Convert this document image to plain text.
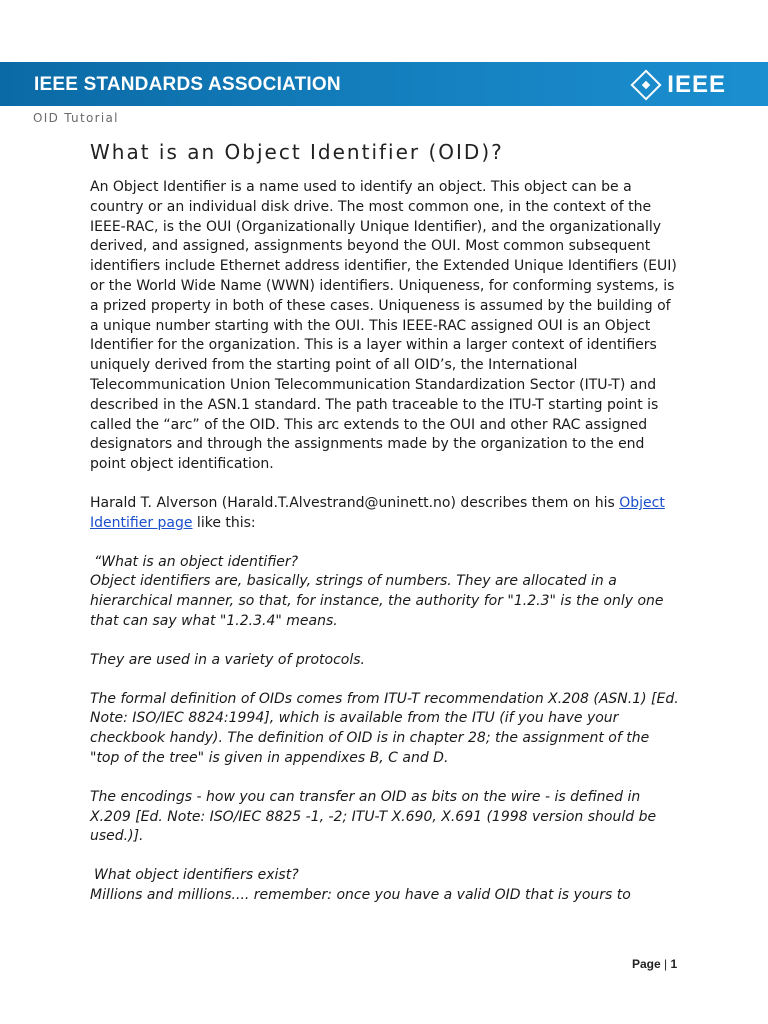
IEEE STANDARDS ASSOCIATION	IEEE
OID Tutorial
What is an Object Identifier (OID)?

An Object Identifier is a name used to identify an object. This object can be a country or an individual disk drive. The most common one, in the context of the IEEE-RAC, is the OUI (Organizationally Unique Identifier), and the organizationally derived, and assigned, assignments beyond the OUI. Most common subsequent identifiers include Ethernet address identifier, the Extended Unique Identifiers (EUI) or the World Wide Name (WWN) identifiers. Uniqueness, for conforming systems, is a prized property in both of these cases. Uniqueness is assumed by the building of a unique number starting with the OUI. This IEEE-RAC assigned OUI is an Object Identifier for the organization. This is a layer within a larger context of identifiers uniquely derived from the starting point of all OID’s, the International Telecommunication Union Telecommunication Standardization Sector (ITU-T) and described in the ASN.1 standard. The path traceable to the ITU-T starting point is called the “arc” of the OID. This arc extends to the OUI and other RAC assigned designators and through the assignments made by the organization to the end point object identification.

Harald T. Alverson (Harald.T.Alvestrand@uninett.no) describes them on his Object Identifier page like this:

“What is an object identifier?

Object identifiers are, basically, strings of numbers. They are allocated in a hierarchical manner, so that, for instance, the authority for "1.2.3" is the only one that can say what "1.2.3.4" means.

They are used in a variety of protocols.

The formal definition of OIDs comes from ITU-T recommendation X.208 (ASN.1) [Ed. Note: ISO/IEC 8824:1994], which is available from the ITU (if you have your checkbook handy). The definition of OID is in chapter 28; the assignment of the "top of the tree" is given in appendixes B, C and D.

The encodings - how you can transfer an OID as bits on the wire - is defined in X.209 [Ed. Note: ISO/IEC 8825 -1, -2; ITU-T X.690, X.691 (1998 version should be used.)].

What object identifiers exist?

Millions and millions.... remember: once you have a valid OID that is yours to

Page | 1
